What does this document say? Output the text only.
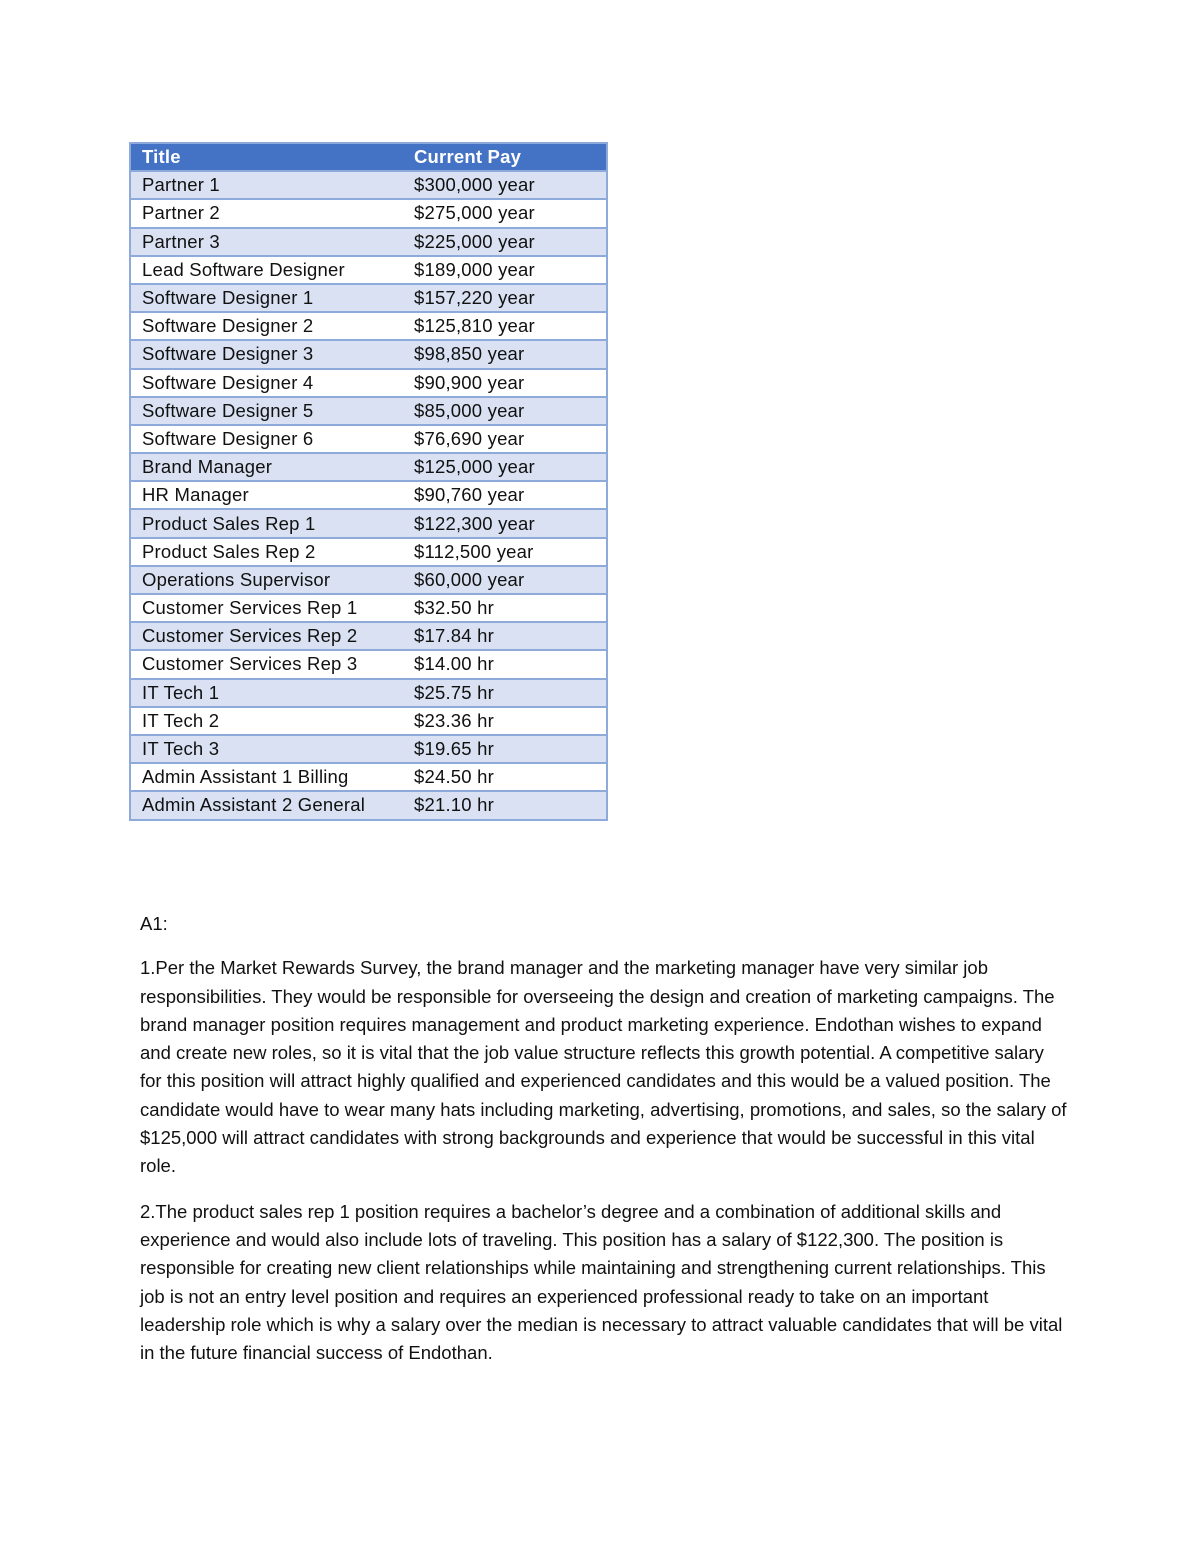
Title	Current Pay
Partner 1	$300,000 year
Partner 2	$275,000 year
Partner 3	$225,000 year
Lead Software Designer	$189,000 year
Software Designer 1	$157,220 year
Software Designer 2	$125,810 year
Software Designer 3	$98,850 year
Software Designer 4	$90,900 year
Software Designer 5	$85,000 year
Software Designer 6	$76,690 year
Brand Manager	$125,000 year
HR Manager	$90,760 year
Product Sales Rep 1	$122,300 year
Product Sales Rep 2	$112,500 year
Operations Supervisor	$60,000 year
Customer Services Rep 1	$32.50 hr
Customer Services Rep 2	$17.84 hr
Customer Services Rep 3	$14.00 hr
IT Tech 1	$25.75 hr
IT Tech 2	$23.36 hr
IT Tech 3	$19.65 hr
Admin Assistant 1 Billing	$24.50 hr
Admin Assistant 2 General	$21.10 hr

A1:

1.Per the Market Rewards Survey, the brand manager and the marketing manager have very similar job responsibilities. They would be responsible for overseeing the design and creation of marketing campaigns. The brand manager position requires management and product marketing experience. Endothan wishes to expand and create new roles, so it is vital that the job value structure reflects this growth potential. A competitive salary for this position will attract highly qualified and experienced candidates and this would be a valued position. The candidate would have to wear many hats including marketing, advertising, promotions, and sales, so the salary of $125,000 will attract candidates with strong backgrounds and experience that would be successful in this vital role.

2.The product sales rep 1 position requires a bachelor’s degree and a combination of additional skills and experience and would also include lots of traveling. This position has a salary of $122,300. The position is responsible for creating new client relationships while maintaining and strengthening current relationships. This job is not an entry level position and requires an experienced professional ready to take on an important leadership role which is why a salary over the median is necessary to attract valuable candidates that will be vital in the future financial success of Endothan.
